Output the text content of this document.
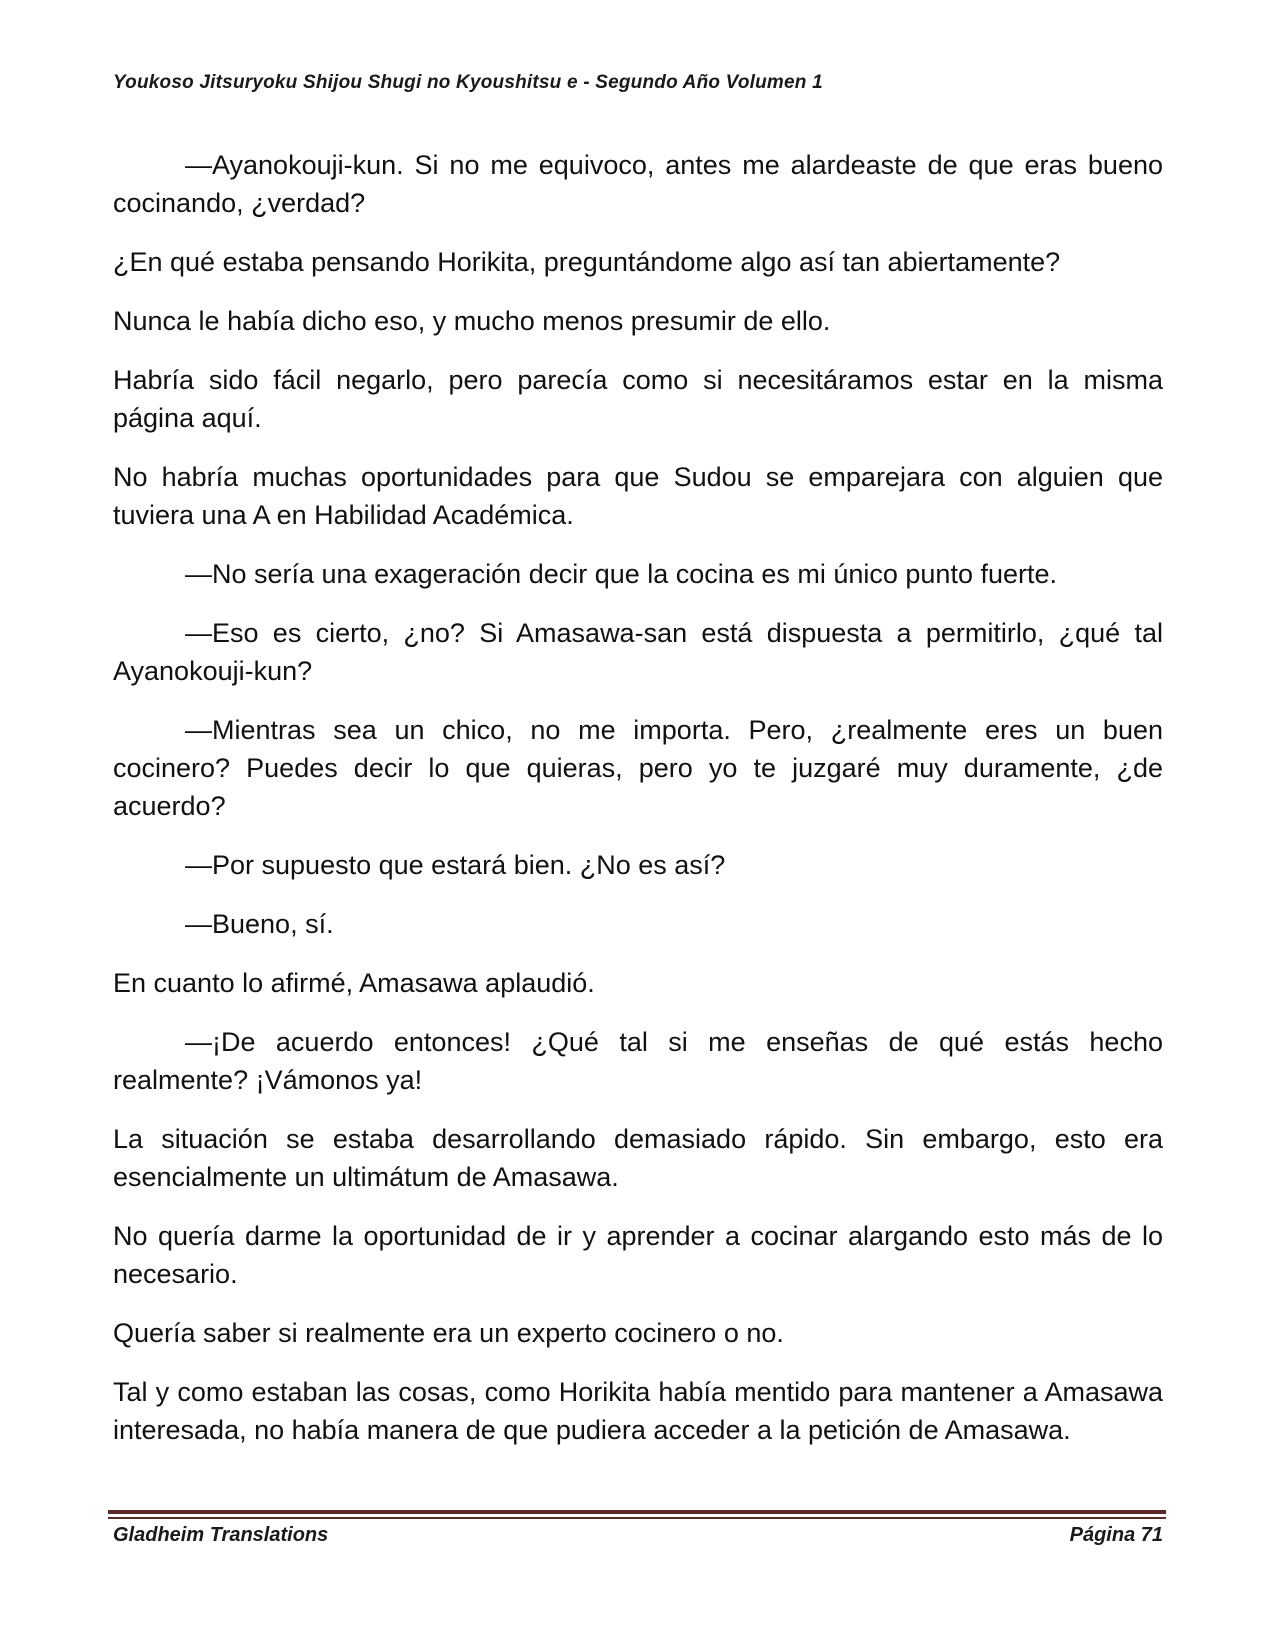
Youkoso Jitsuryoku Shijou Shugi no Kyoushitsu e - Segundo Año Volumen 1

—Ayanokouji-kun. Si no me equivoco, antes me alardeaste de que eras bueno cocinando, ¿verdad?

¿En qué estaba pensando Horikita, preguntándome algo así tan abiertamente?

Nunca le había dicho eso, y mucho menos presumir de ello.

Habría sido fácil negarlo, pero parecía como si necesitáramos estar en la misma página aquí.

No habría muchas oportunidades para que Sudou se emparejara con alguien que tuviera una A en Habilidad Académica.

—No sería una exageración decir que la cocina es mi único punto fuerte.

—Eso es cierto, ¿no? Si Amasawa-san está dispuesta a permitirlo, ¿qué tal Ayanokouji-kun?

—Mientras sea un chico, no me importa. Pero, ¿realmente eres un buen cocinero? Puedes decir lo que quieras, pero yo te juzgaré muy duramente, ¿de acuerdo?

—Por supuesto que estará bien. ¿No es así?

—Bueno, sí.

En cuanto lo afirmé, Amasawa aplaudió.

—¡De acuerdo entonces! ¿Qué tal si me enseñas de qué estás hecho realmente? ¡Vámonos ya!

La situación se estaba desarrollando demasiado rápido. Sin embargo, esto era esencialmente un ultimátum de Amasawa.

No quería darme la oportunidad de ir y aprender a cocinar alargando esto más de lo necesario.

Quería saber si realmente era un experto cocinero o no.

Tal y como estaban las cosas, como Horikita había mentido para mantener a Amasawa interesada, no había manera de que pudiera acceder a la petición de Amasawa.

Gladheim Translations	Página 71
